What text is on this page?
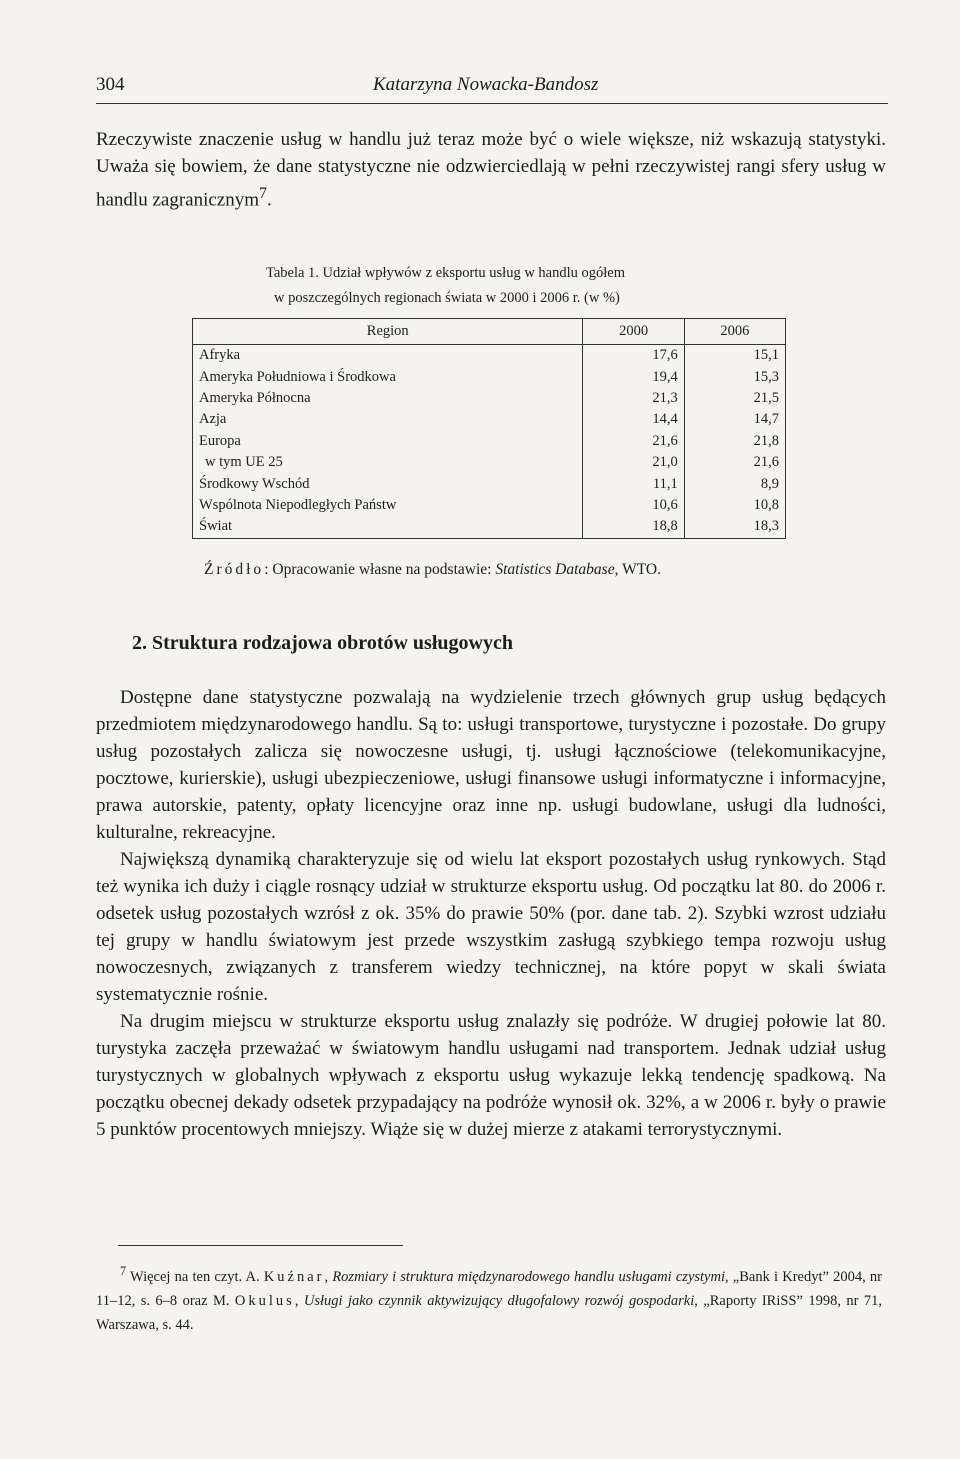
304	Katarzyna Nowacka-Bandosz

Rzeczywiste znaczenie usług w handlu już teraz może być o wiele większe, niż wskazują statystyki. Uważa się bowiem, że dane statystyczne nie odzwierciedlają w pełni rzeczywistej rangi sfery usług w handlu zagranicznym$^7$.

Tabela 1. Udział wpływów z eksportu usług w handlu ogółem
w poszczególnych regionach świata w 2000 i 2006 r. (w %)
Region	2000	2006
Afryka	17,6	15,1
Ameryka Południowa i Środkowa	19,4	15,3
Ameryka Północna	21,3	21,5
Azja	14,4	14,7
Europa	21,6	21,8
w tym UE 25	21,0	21,6
Środkowy Wschód	11,1	8,9
Wspólnota Niepodległych Państw	10,6	10,8
Świat	18,8	18,3
Źródło: Opracowanie własne na podstawie: Statistics Database, WTO.
2. Struktura rodzajowa obrotów usługowych

Dostępne dane statystyczne pozwalają na wydzielenie trzech głównych grup usług będących przedmiotem międzynarodowego handlu. Są to: usługi transportowe, turystyczne i pozostałe. Do grupy usług pozostałych zalicza się nowoczesne usługi, tj. usługi łącznościowe (telekomunikacyjne, pocztowe, kurierskie), usługi ubezpieczeniowe, usługi finansowe usługi informatyczne i informacyjne, prawa autorskie, patenty, opłaty licencyjne oraz inne np. usługi budowlane, usługi dla ludności, kulturalne, rekreacyjne.

Największą dynamiką charakteryzuje się od wielu lat eksport pozostałych usług rynkowych. Stąd też wynika ich duży i ciągle rosnący udział w strukturze eksportu usług. Od początku lat 80. do 2006 r. odsetek usług pozostałych wzrósł z ok. 35% do prawie 50% (por. dane tab. 2). Szybki wzrost udziału tej grupy w handlu światowym jest przede wszystkim zasługą szybkiego tempa rozwoju usług nowoczesnych, związanych z transferem wiedzy technicznej, na które popyt w skali świata systematycznie rośnie.

Na drugim miejscu w strukturze eksportu usług znalazły się podróże. W drugiej połowie lat 80. turystyka zaczęła przeważać w światowym handlu usługami nad transportem. Jednak udział usług turystycznych w globalnych wpływach z eksportu usług wykazuje lekką tendencję spadkową. Na początku obecnej dekady odsetek przypadający na podróże wynosił ok. 32%, a w 2006 r. były o prawie 5 punktów procentowych mniejszy. Wiąże się w dużej mierze z atakami terrorystycznymi.

$^7$ Więcej na ten czyt. A. Kuźnar, Rozmiary i struktura międzynarodowego handlu usługami czystymi, „Bank i Kredyt” 2004, nr 11–12, s. 6–8 oraz M. Okulus, Usługi jako czynnik aktywizujący długofalowy rozwój gospodarki, „Raporty IRiSS” 1998, nr 71, Warszawa, s. 44.
